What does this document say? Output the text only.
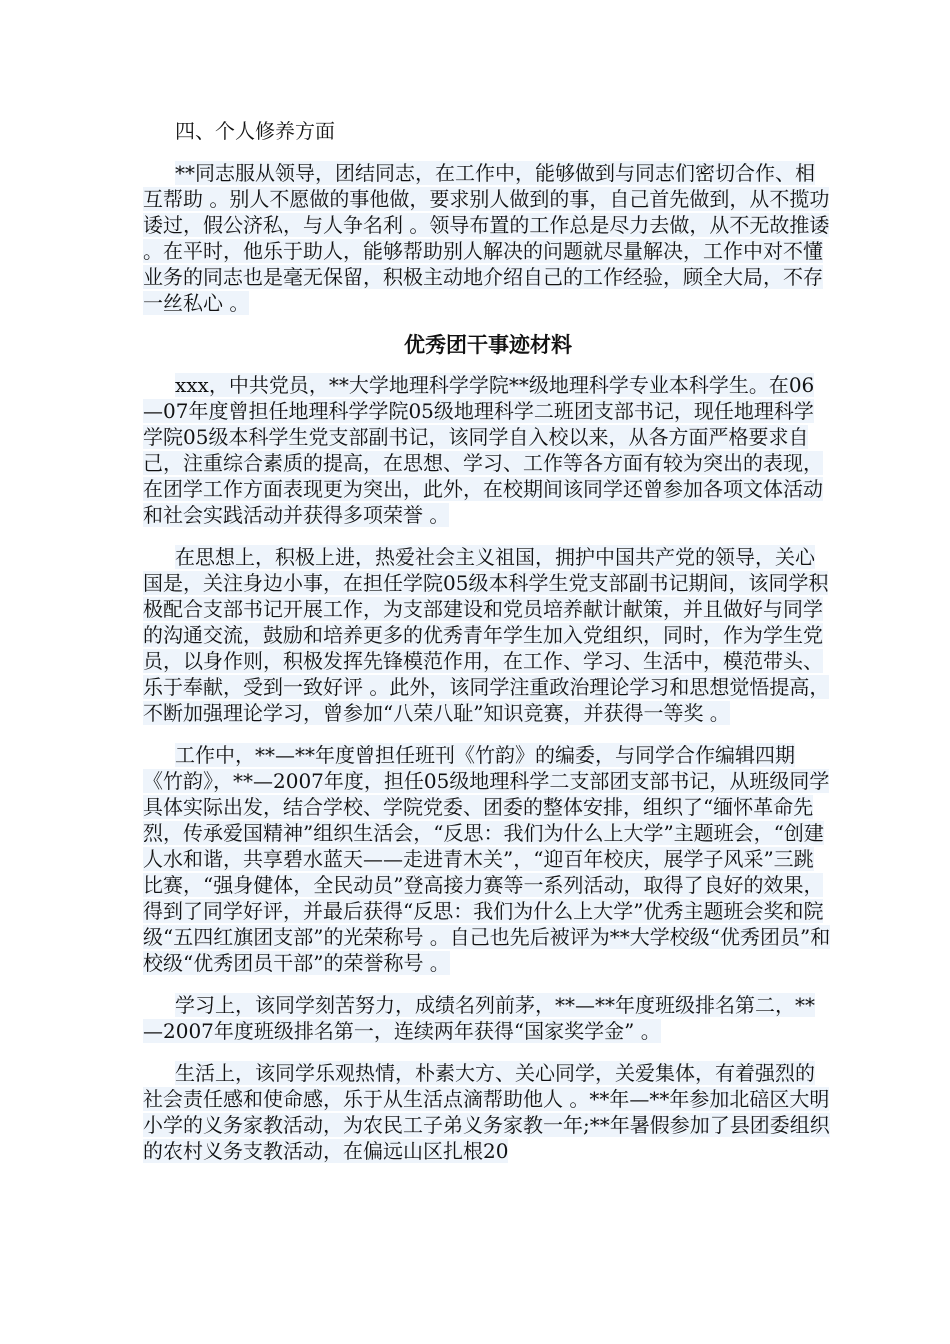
四、个人修养方面

**同志服从领导，团结同志，在工作中，能够做到与同志们密切合作、相互帮助 。别人不愿做的事他做，要求别人做到的事，自己首先做到，从不揽功诿过，假公济私，与人争名利 。领导布置的工作总是尽力去做，从不无故推诿 。在平时，他乐于助人，能够帮助别人解决的问题就尽量解决，工作中对不懂业务的同志也是毫无保留，积极主动地介绍自己的工作经验，顾全大局，不存一丝私心 。

优秀团干事迹材料

xxx，中共党员，**大学地理科学学院**级地理科学专业本科学生。在06—07年度曾担任地理科学学院05级地理科学二班团支部书记，现任地理科学学院05级本科学生党支部副书记，该同学自入校以来，从各方面严格要求自己，注重综合素质的提高，在思想、学习、工作等各方面有较为突出的表现，在团学工作方面表现更为突出，此外，在校期间该同学还曾参加各项文体活动和社会实践活动并获得多项荣誉 。

在思想上，积极上进，热爱社会主义祖国，拥护中国共产党的领导，关心国是，关注身边小事，在担任学院05级本科学生党支部副书记期间，该同学积极配合支部书记开展工作，为支部建设和党员培养献计献策，并且做好与同学的沟通交流，鼓励和培养更多的优秀青年学生加入党组织，同时，作为学生党员，以身作则，积极发挥先锋模范作用，在工作、学习、生活中，模范带头、乐于奉献，受到一致好评 。此外，该同学注重政治理论学习和思想觉悟提高，不断加强理论学习，曾参加“八荣八耻”知识竞赛，并获得一等奖 。

工作中，**—**年度曾担任班刊《竹韵》的编委，与同学合作编辑四期《竹韵》，**—2007年度，担任05级地理科学二支部团支部书记，从班级同学具体实际出发，结合学校、学院党委、团委的整体安排，组织了“缅怀革命先烈，传承爱国精神”组织生活会，“反思：我们为什么上大学”主题班会，“创建人水和谐，共享碧水蓝天——走进青木关”，“迎百年校庆，展学子风采”三跳比赛，“强身健体，全民动员”登高接力赛等一系列活动，取得了良好的效果，得到了同学好评，并最后获得“反思：我们为什么上大学”优秀主题班会奖和院级“五四红旗团支部”的光荣称号 。自己也先后被评为**大学校级“优秀团员”和校级“优秀团员干部”的荣誉称号 。

学习上，该同学刻苦努力，成绩名列前茅，**—**年度班级排名第二，**—2007年度班级排名第一，连续两年获得“国家奖学金” 。

生活上，该同学乐观热情，朴素大方、关心同学，关爱集体，有着强烈的社会责任感和使命感，乐于从生活点滴帮助他人 。**年—**年参加北碚区大明小学的义务家教活动，为农民工子弟义务家教一年;**年暑假参加了县团委组织的农村义务支教活动，在偏远山区扎根20
